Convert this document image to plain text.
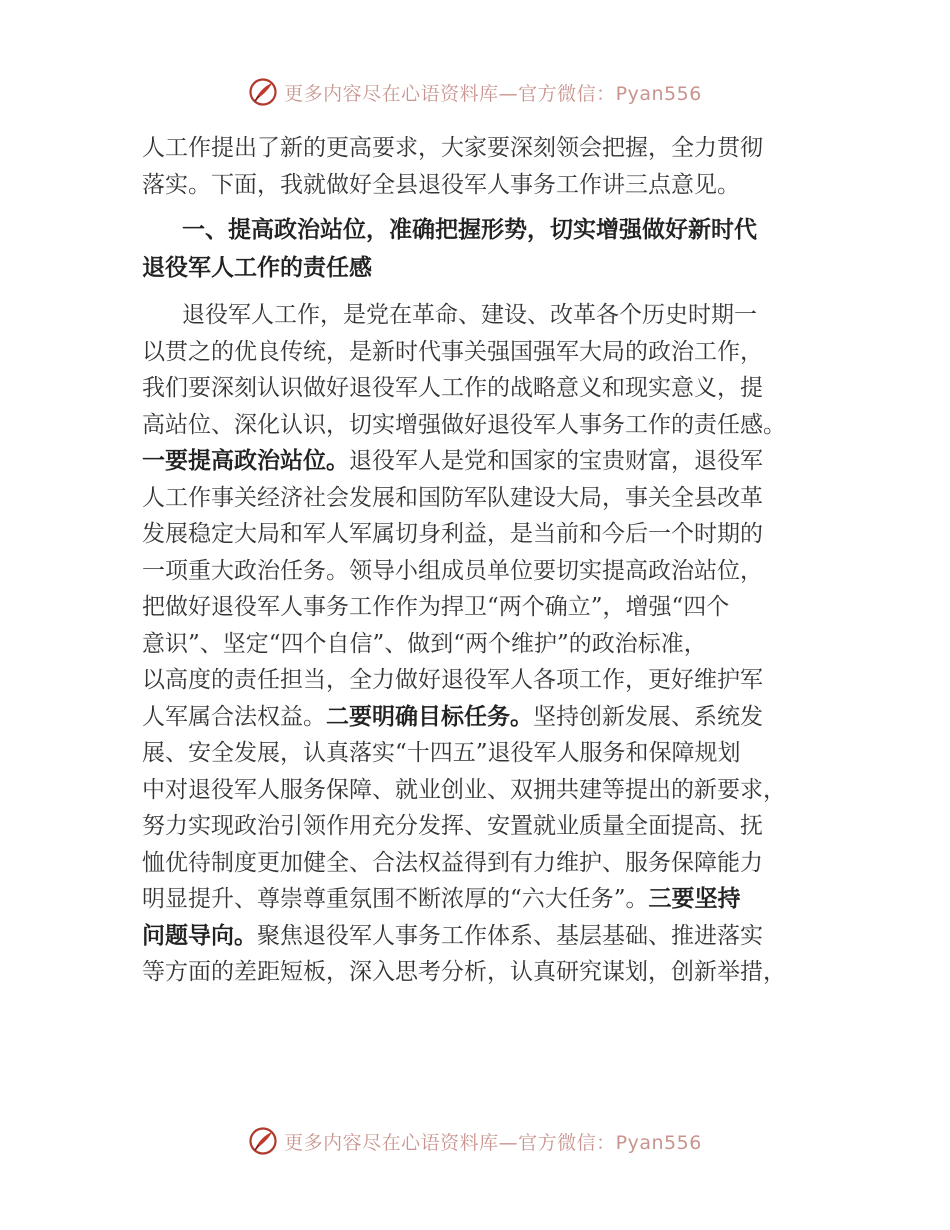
更多内容尽在心语资料库—官方微信：Pyan556

人工作提出了新的更高要求，大家要深刻领会把握，全力贯彻
落实。下面，我就做好全县退役军人事务工作讲三点意见。

一、提高政治站位，准确把握形势，切实增强做好新时代
退役军人工作的责任感

退役军人工作，是党在革命、建设、改革各个历史时期一
以贯之的优良传统，是新时代事关强国强军大局的政治工作，
我们要深刻认识做好退役军人工作的战略意义和现实意义，提
高站位、深化认识，切实增强做好退役军人事务工作的责任感。
一要提高政治站位。退役军人是党和国家的宝贵财富，退役军
人工作事关经济社会发展和国防军队建设大局，事关全县改革
发展稳定大局和军人军属切身利益，是当前和今后一个时期的
一项重大政治任务。领导小组成员单位要切实提高政治站位，
把做好退役军人事务工作作为捍卫“两个确立”，增强“四个
意识”、坚定“四个自信”、做到“两个维护”的政治标准，
以高度的责任担当，全力做好退役军人各项工作，更好维护军
人军属合法权益。二要明确目标任务。坚持创新发展、系统发
展、安全发展，认真落实“十四五”退役军人服务和保障规划
中对退役军人服务保障、就业创业、双拥共建等提出的新要求，
努力实现政治引领作用充分发挥、安置就业质量全面提高、抚
恤优待制度更加健全、合法权益得到有力维护、服务保障能力
明显提升、尊崇尊重氛围不断浓厚的“六大任务”。三要坚持
问题导向。聚焦退役军人事务工作体系、基层基础、推进落实
等方面的差距短板，深入思考分析，认真研究谋划，创新举措，

更多内容尽在心语资料库—官方微信：Pyan556
